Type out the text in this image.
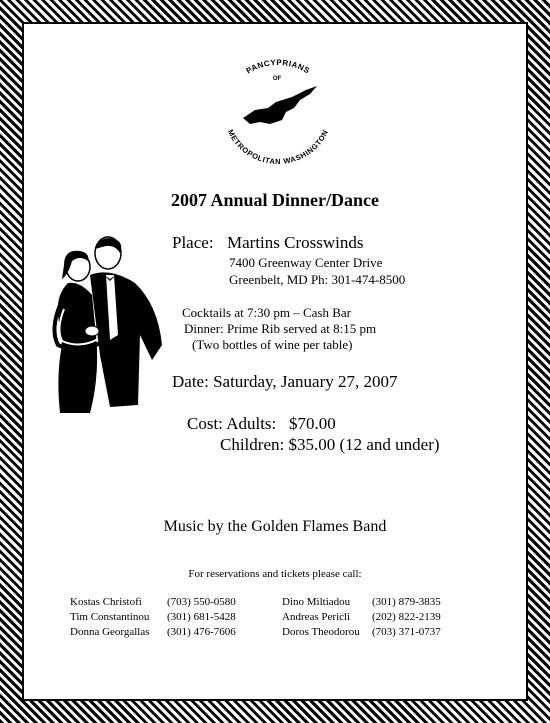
PANCYPRIANS
OF
METROPOLITAN WASHINGTON
2007 Annual Dinner/Dance
Place: Martins Crosswinds
7400 Greenway Center Drive
Greenbelt, MD Ph: 301-474-8500
Cocktails at 7:30 pm – Cash Bar
Dinner: Prime Rib served at 8:15 pm
(Two bottles of wine per table)
Date: Saturday, January 27, 2007
Cost: Adults: $70.00
Children: $35.00 (12 and under)
Music by the Golden Flames Band
For reservations and tickets please call:
Kostas Christofi (703) 550-0580
Tim Constantinou (301) 681-5428
Donna Georgallas (301) 476-7606
Dino Miltiadou (301) 879-3835
Andreas Pericli (202) 822-2139
Doros Theodorou (703) 371-0737
